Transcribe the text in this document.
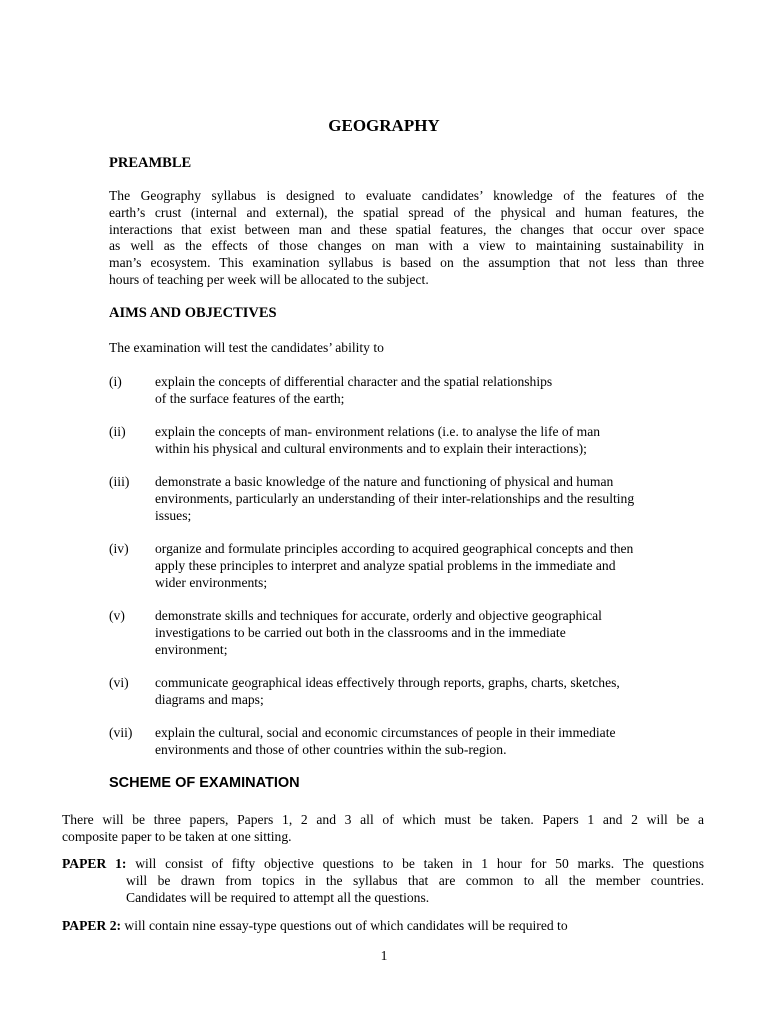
GEOGRAPHY
PREAMBLE
The Geography syllabus is designed to evaluate candidates’ knowledge of the features of the
earth’s crust (internal and external), the spatial spread of the physical and human features, the
interactions that exist between man and these spatial features, the changes that occur over space
as well as the effects of those changes on man with a view to maintaining sustainability in
man’s ecosystem. This examination syllabus is based on the assumption that not less than three
hours of teaching per week will be allocated to the subject.
AIMS AND OBJECTIVES
The examination will test the candidates’ ability to
(i) explain the concepts of differential character and the spatial relationships
of the surface features of the earth;
(ii) explain the concepts of man- environment relations (i.e. to analyse the life of man
within his physical and cultural environments and to explain their interactions);
(iii) demonstrate a basic knowledge of the nature and functioning of physical and human
environments, particularly an understanding of their inter-relationships and the resulting
issues;
(iv) organize and formulate principles according to acquired geographical concepts and then
apply these principles to interpret and analyze spatial problems in the immediate and
wider environments;
(v) demonstrate skills and techniques for accurate, orderly and objective geographical
investigations to be carried out both in the classrooms and in the immediate
environment;
(vi) communicate geographical ideas effectively through reports, graphs, charts, sketches,
diagrams and maps;
(vii) explain the cultural, social and economic circumstances of people in their immediate
environments and those of other countries within the sub-region.
SCHEME OF EXAMINATION
There will be three papers, Papers 1, 2 and 3 all of which must be taken. Papers 1 and 2 will be a
composite paper to be taken at one sitting.
PAPER 1: will consist of fifty objective questions to be taken in 1 hour for 50 marks. The questions
will be drawn from topics in the syllabus that are common to all the member countries.
Candidates will be required to attempt all the questions.
PAPER 2: will contain nine essay-type questions out of which candidates will be required to
1
